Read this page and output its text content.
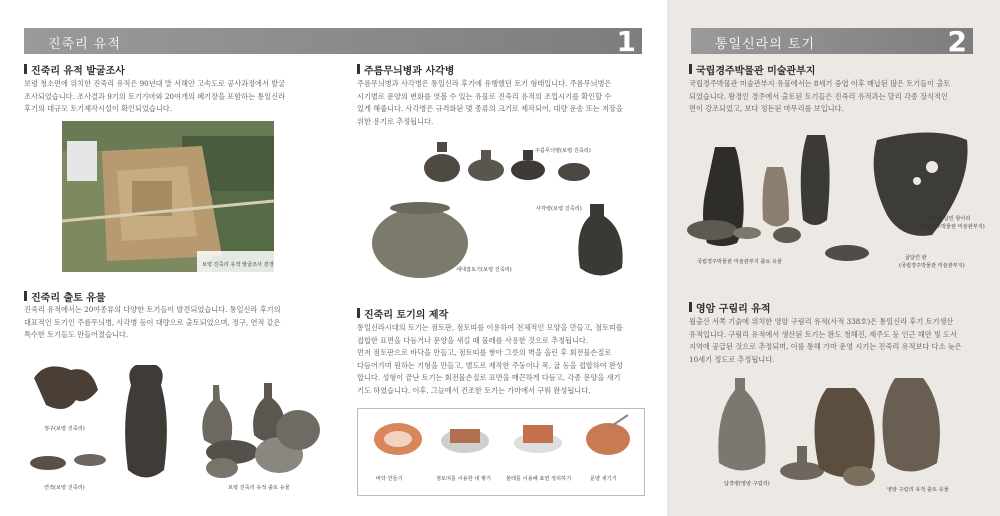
진죽리 유적	1
진죽리 유적 발굴조사
보령 청소면에 위치한 진죽리 유적은 90년대 말 서해안 고속도로 공사과정에서 발굴
조사되었습니다. 조사결과 9기의 토기가마와 20여개의 폐기장을 포함하는 통일신라
후기의 대규모 토기제작시설이 확인되었습니다.
보령 진죽리 유적 발굴조사 전경
진죽리 출토 유물
진죽리 유적에서는 20여종류의 다양한 토기들이 발견되었습니다. 통일신라 후기의
대표적인 토기인 주름무늬병, 사각병 등이 대량으로 출토되었으며, 정구, 연적 같은
특수한 토기들도 만들어졌습니다.
정구(보령 진죽리)
연적(보령 진죽리)	보령 진죽리 유적 출토 유물
주름무늬병과 사각병
주름무늬병과 사각병은 통일신라 후기에 유행했던 토기 형태입니다. 주름무늬병은
시기별로 문양의 변화를 엿볼 수 있는 유물로 진죽리 유적의 조업시기를 확인할 수
있게 해줍니다. 사각병은 규격화된 몇 종류의 크기로 제작되어, 대량 운송 또는 저장을
위한 용기로 추정됩니다.
주름무늬병(보령 진죽리)
사각병(보령 진죽리)
세대잡토기(보령 진죽리)
진죽리 토기의 제작
통일신라시대의 토기는 점토판, 점토띠를 이용하여 전체적인 모양을 만들고, 점토띠를
접합한 표면을 다듬거나 문양을 새길 때 물레를 사용한 것으로 추정됩니다.
먼저 점토판으로 바닥을 만들고, 점토띠를 쌓아 그릇의 벽을 올린 후 회전물손질로
다듬어가며 원하는 기형을 만들고, 별도로 제작한 주둥이나 목, 굽 등을 접합하여 완성
합니다. 성형이 끝난 토기는 회전물손질로 표면을 매끈하게 다듬고, 각종 문양을 새기
기도 하였습니다. 이후, 그늘에서 건조한 토기는 가마에서 구워 완성됩니다.
바닥 만들기	점토띠를 이용한 내 쌓기	물레를 이용해 표면 정리하기	문양 새기기
통일신라의 토기	2
국립경주박물관 미술관부지
국립경주박물관 미술관부지 유물에서는 8세기 중엽 이후 매납된 많은 토기들이 출토
되었습니다. 왕경인 경주에서 출토된 토기들은 진죽리 유적과는 달리 각종 장식적인
면이 강조되었고, 보다 정돈된 마무리를 보입니다.
국립경주박물관 미술관부지 출토 유물
손잡이 달린 항아리
(국립경주박물관 미술관부지)
굽달린 완
(국립경주박물관 미술관부지)
영암 구림리 유적
월출산 서쪽 기슭에 위치한 영암 구림리 유적(사적 338호)은 통일신라 후기 토기생산
유적입니다. 구림리 유적에서 생산된 토기는 완도 청해진, 제주도 등 인근 해안 및 도서
지역에 공급된 것으로 추정되며, 이를 통해 가마 운영 시기는 진죽리 유적보다 다소 늦은
10세기 정도로 추정됩니다.
납작병(영암 구림리)
영암 구림리 유적 출토 유물
